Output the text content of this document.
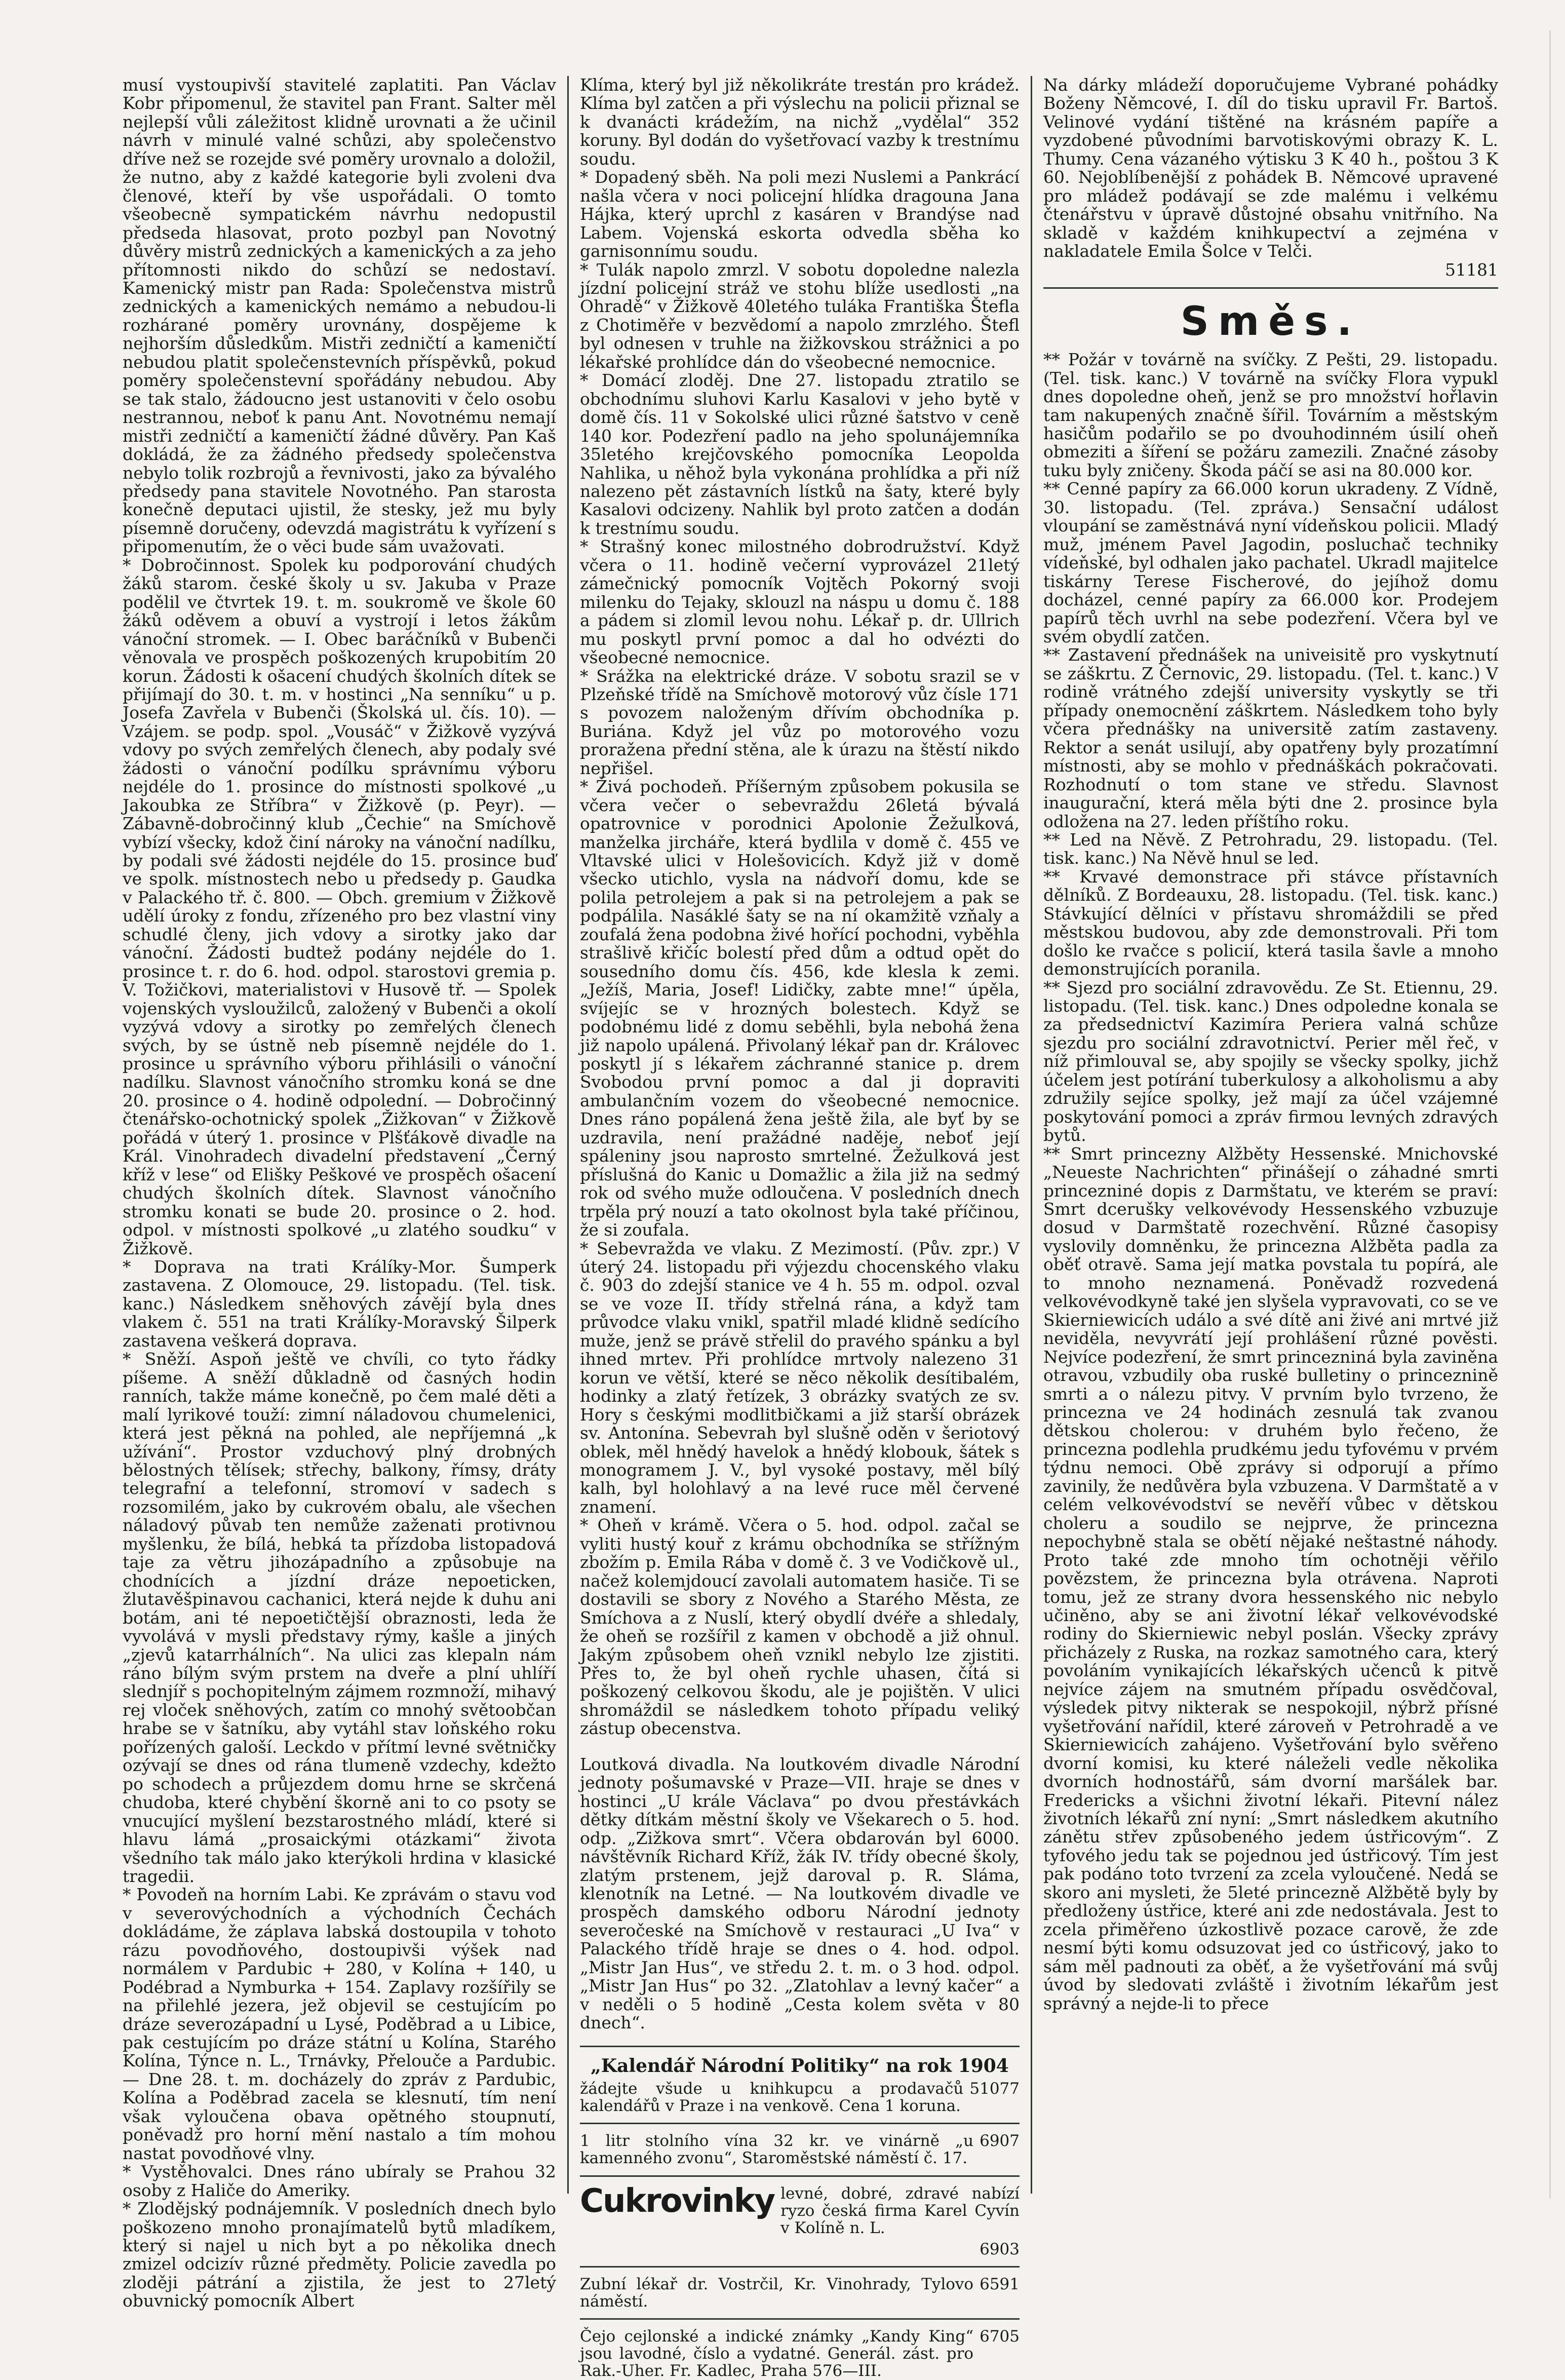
musí vystoupivší stavitelé zaplatiti. Pan Václav Kobr připomenul, že stavitel pan Frant. Salter měl nejlepší vůli záležitost klidně urovnati a že učinil návrh v minulé valné schůzi, aby společenstvo dříve než se rozejde své poměry urovnalo a doložil, že nutno, aby z každé kategorie byli zvoleni dva členové, kteří by vše uspořádali. O tomto všeobecně sympatickém návrhu nedopustil předseda hlasovat, proto pozbyl pan Novotný důvěry mistrů zednických a kamenických a za jeho přítomnosti nikdo do schůzí se nedostaví. Kamenický mistr pan Rada: Společenstva mistrů zednických a kamenických nemámo a nebudou-li rozhárané poměry urovnány, dospějeme k nejhorším důsledkům. Mistři zedničtí a kameničtí nebudou platit společenstevních příspěvků, pokud poměry společenstevní spořádány nebudou. Aby se tak stalo, žádoucno jest ustanoviti v čelo osobu nestrannou, neboť k panu Ant. Novotnému nemají mistři zedničtí a kameničtí žádné důvěry. Pan Kaš dokládá, že za žádného předsedy společenstva nebylo tolik rozbrojů a řevnivosti, jako za bývalého předsedy pana stavitele Novotného. Pan starosta konečně deputaci ujistil, že stesky, jež mu byly písemně doručeny, odevzdá magistrátu k vyřízení s připomenutím, že o věci bude sám uvažovati.

* Dobročinnost. Spolek ku podporování chudých žáků starom. české školy u sv. Jakuba v Praze podělil ve čtvrtek 19. t. m. soukromě ve škole 60 žáků oděvem a obuví a vystrojí i letos žákům vánoční stromek. — I. Obec baráčníků v Bubenči věnovala ve prospěch poškozených krupobitím 20 korun. Žádosti k ošacení chudých školních dítek se přijímají do 30. t. m. v hostinci „Na senníku“ u p. Josefa Zavřela v Bubenči (Školská ul. čís. 10). — Vzájem. se podp. spol. „Vousáč“ v Žižkově vyzývá vdovy po svých zemřelých členech, aby podaly své žádosti o vánoční podílku správnímu výboru nejdéle do 1. prosince do místnosti spolkové „u Jakoubka ze Stříbra“ v Žižkově (p. Peyr). — Zábavně-dobročinný klub „Čechie“ na Smíchově vybízí všecky, kdož činí nároky na vánoční nadílku, by podali své žádosti nejdéle do 15. prosince buď ve spolk. místnostech nebo u předsedy p. Gaudka v Palackého tř. č. 800. — Obch. gremium v Žižkově udělí úroky z fondu, zřízeného pro bez vlastní viny schudlé členy, jich vdovy a sirotky jako dar vánoční. Žádosti budtež podány nejdéle do 1. prosince t. r. do 6. hod. odpol. starostovi gremia p. V. Tožičkovi, materialistovi v Husově tř. — Spolek vojenských vysloužilců, založený v Bubenči a okolí vyzývá vdovy a sirotky po zemřelých členech svých, by se ústně neb písemně nejdéle do 1. prosince u správního výboru přihlásili o vánoční nadílku. Slavnost vánočního stromku koná se dne 20. prosince o 4. hodině odpolední. — Dobročinný čtenářsko-ochotnický spolek „Žižkovan“ v Žižkově pořádá v úterý 1. prosince v Plšťákově divadle na Král. Vinohradech divadelní představení „Černý kříž v lese“ od Elišky Peškové ve prospěch ošacení chudých školních dítek. Slavnost vánočního stromku konati se bude 20. prosince o 2. hod. odpol. v místnosti spolkové „u zlatého soudku“ v Žižkově.

* Doprava na trati Králíky-Mor. Šumperk zastavena. Z Olomouce, 29. listopadu. (Tel. tisk. kanc.) Následkem sněhových závějí byla dnes vlakem č. 551 na trati Králíky-Moravský Šilperk zastavena veškerá doprava.

* Sněží. Aspoň ještě ve chvíli, co tyto řádky píšeme. A sněží důkladně od časných hodin ranních, takže máme konečně, po čem malé děti a malí lyrikové touží: zimní náladovou chumelenici, která jest pěkná na pohled, ale nepříjemná „k užívání“. Prostor vzduchový plný drobných bělostných tělísek; střechy, balkony, římsy, dráty telegrafní a telefonní, stromoví v sadech s rozsomilém, jako by cukrovém obalu, ale všechen náladový půvab ten nemůže zaženati protivnou myšlenku, že bílá, hebká ta přízdoba listopadová taje za větru jihozápadního a způsobuje na chodnících a jízdní dráze nepoeticken, žlutavěšpinavou cachanici, která nejde k duhu ani botám, ani té nepoetičtější obraznosti, leda že vyvolává v mysli představy rýmy, kašle a jiných „zjevů katarrhálních“. Na ulici zas klepaln nám ráno bílým svým prstem na dveře a plní uhlíří slednjíř s pochopitelným zájmem rozmnoží, mihavý rej vloček sněhových, zatím co mnohý světoobčan hrabe se v šatníku, aby vytáhl stav loňského roku pořízených galoší. Leckdo v přítmí levné světničky ozývají se dnes od rána tlumeně vzdechy, kdežto po schodech a průjezdem domu hrne se skrčená chudoba, které chybění škorně ani to co psoty se vnucující myšlení bezstarostného mládí, které si hlavu lámá „prosaickými otázkami“ života všedního tak málo jako kterýkoli hrdina v klasické tragedii.

* Povodeň na horním Labi. Ke zprávám o stavu vod v severovýchodních a východních Čechách dokládáme, že záplava labská dostoupila v tohoto rázu povodňového, dostoupivši výšek nad normálem v Pardubic + 280, v Kolína + 140, u Podébrad a Nymburka + 154. Zaplavy rozšířily se na přilehlé jezera, jež objevil se cestujícím po dráze severozápadní u Lysé, Poděbrad a u Libice, pak cestujícím po dráze státní u Kolína, Starého Kolína, Týnce n. L., Trnávky, Přelouče a Pardubic. — Dne 28. t. m. docházely do zpráv z Pardubic, Kolína a Poděbrad zacela se klesnutí, tím není však vyloučena obava opětného stoupnutí, poněvadž pro horní mění nastalo a tím mohou nastat povodňové vlny.

* Vystěhovalci. Dnes ráno ubíraly se Prahou 32 osoby z Haliče do Ameriky.

* Zlodějský podnájemník. V posledních dnech bylo poškozeno mnoho pronajímatelů bytů mladíkem, který si najel u nich byt a po několika dnech zmizel odcizív různé předměty. Policie zavedla po zloději pátrání a zjistila, že jest to 27letý obuvnický pomocník Albert

Klíma, který byl již několikráte trestán pro krádež. Klíma byl zatčen a při výslechu na policii přiznal se k dvanácti krádežím, na nichž „vydělal“ 352 koruny. Byl dodán do vyšetřovací vazby k trestnímu soudu.

* Dopadený sběh. Na poli mezi Nuslemi a Pankrácí našla včera v noci policejní hlídka dragouna Jana Hájka, který uprchl z kasáren v Brandýse nad Labem. Vojenská eskorta odvedla sběha ko garnisonnímu soudu.

* Tulák napolo zmrzl. V sobotu dopoledne nalezla jízdní policejní stráž ve stohu blíže usedlosti „na Ohradě“ v Žižkově 40letého tuláka Františka Štefla z Chotiměře v bezvědomí a napolo zmrzlého. Štefl byl odnesen v truhle na žižkovskou strážnici a po lékařské prohlídce dán do všeobecné nemocnice.

* Domácí zloděj. Dne 27. listopadu ztratilo se obchodnímu sluhovi Karlu Kasalovi v jeho bytě v domě čís. 11 v Sokolské ulici různé šatstvo v ceně 140 kor. Podezření padlo na jeho spolunájemníka 35letého krejčovského pomocníka Leopolda Nahlika, u něhož byla vykonána prohlídka a při níž nalezeno pět zástavních lístků na šaty, které byly Kasalovi odcizeny. Nahlik byl proto zatčen a dodán k trestnímu soudu.

* Strašný konec milostného dobrodružství. Když včera o 11. hodině večerní vyprovázel 21letý zámečnický pomocník Vojtěch Pokorný svoji milenku do Tejaky, sklouzl na náspu u domu č. 188 a pádem si zlomil levou nohu. Lékař p. dr. Ullrich mu poskytl první pomoc a dal ho odvézti do všeobecné nemocnice.

* Srážka na elektrické dráze. V sobotu srazil se v Plzeňské třídě na Smíchově motorový vůz čísle 171 s povozem naloženým dřívím obchodníka p. Buriána. Když jel vůz po motorového vozu proražena přední stěna, ale k úrazu na štěstí nikdo nepřišel.

* Živá pochodeň. Příšerným způsobem pokusila se včera večer o sebevraždu 26letá bývalá opatrovnice v porodnici Apolonie Žežulková, manželka jircháře, která bydlila v domě č. 455 ve Vltavské ulici v Holešovicích. Když již v domě všecko utichlo, vysla na nádvoří domu, kde se polila petrolejem a pak si na petrolejem a pak se podpálila. Nasáklé šaty se na ní okamžitě vzňaly a zoufalá žena podobna živé hořící pochodni, vyběhla strašlivě křičíc bolestí před dům a odtud opět do sousedního domu čís. 456, kde klesla k zemi. „Ježíš, Maria, Josef! Lidičky, zabte mne!“ úpěla, svíjejíc se v hrozných bolestech. Když se podobnému lidé z domu seběhli, byla nebohá žena již napolo upálená. Přivolaný lékař pan dr. Královec poskytl jí s lékařem záchranné stanice p. drem Svobodou první pomoc a dal ji dopraviti ambulančním vozem do všeobecné nemocnice. Dnes ráno popálená žena ještě žila, ale byť by se uzdravila, není pražádné naděje, neboť její spáleniny jsou naprosto smrtelné. Žežulková jest příslušná do Kanic u Domažlic a žila již na sedmý rok od svého muže odloučena. V posledních dnech trpěla prý nouzí a tato okolnost byla také příčinou, že si zoufala.

* Sebevražda ve vlaku. Z Mezimostí. (Pův. zpr.) V úterý 24. listopadu při výjezdu chocenského vlaku č. 903 do zdejší stanice ve 4 h. 55 m. odpol. ozval se ve voze II. třídy střelná rána, a když tam průvodce vlaku vnikl, spatřil mladé klidně sedícího muže, jenž se právě střelil do pravého spánku a byl ihned mrtev. Při prohlídce mrtvoly nalezeno 31 korun ve větší, které se něco několik desítibalém, hodinky a zlatý řetízek, 3 obrázky svatých ze sv. Hory s českými modlitbičkami a již starší obrázek sv. Antonína. Sebevrah byl slušně oděn v šeriotový oblek, měl hnědý havelok a hnědý klobouk, šátek s monogramem J. V., byl vysoké postavy, měl bílý kalh, byl holohlavý a na levé ruce měl červené znamení.

* Oheň v krámě. Včera o 5. hod. odpol. začal se vyliti hustý kouř z krámu obchodníka se střížným zbožím p. Emila Rába v domě č. 3 ve Vodičkově ul., načež kolemjdoucí zavolali automatem hasiče. Ti se dostavili se sbory z Nového a Starého Města, ze Smíchova a z Nuslí, který obydlí dvéře a shledaly, že oheň se rozšířil z kamen v obchodě a již ohnul. Jakým způsobem oheň vznikl nebylo lze zjistiti. Přes to, že byl oheň rychle uhasen, čítá si poškozený celkovou škodu, ale je pojištěn. V ulici shromáždil se následkem tohoto případu veliký zástup obecenstva.

Loutková divadla. Na loutkovém divadle Národní jednoty pošumavské v Praze—VII. hraje se dnes v hostinci „U krále Václava“ po dvou přestávkách dětky dítkám městní školy ve Všekarech o 5. hod. odp. „Zižkova smrt“. Včera obdarován byl 6000. návštěvník Richard Kříž, žák IV. třídy obecné školy, zlatým prstenem, jejž daroval p. R. Sláma, klenotník na Letné. — Na loutkovém divadle ve prospěch damského odboru Národní jednoty severočeské na Smíchově v restauraci „U Iva“ v Palackého třídě hraje se dnes o 4. hod. odpol. „Mistr Jan Hus“, ve středu 2. t. m. o 3 hod. odpol. „Mistr Jan Hus“ po 32. „Zlatohlav a levný kačer“ a v neděli o 5 hodině „Cesta kolem světa v 80 dnech“.

„Kalendář Národní Politiky“ na rok 1904
žádejte všude u knihkupcu a prodavačů kalendářů v Praze i na venkově. Cena 1 koruna.
51077
1 litr stolního vína 32 kr. ve vinárně „u kamenného zvonu“, Staroměstské náměstí č. 17.
6907
Cukrovinky levné, dobré, zdravé nabízí ryzo česká firma Karel Cyvín v Kolíně n. L.
6903
Zubní lékař dr. Vostrčil, Kr. Vinohrady, Tylovo náměstí.
6591
Čejo cejlonské a indické známky „Kandy King“ jsou lavodné, číslo a vydatné. Generál. zást. pro Rak.-Uher. Fr. Kadlec, Praha 576—III.
6705

Na dárky mládeží doporučujeme Vybrané pohádky Boženy Němcové, I. díl do tisku upravil Fr. Bartoš. Velinové vydání tištěné na krásném papíře a vyzdobené původními barvotiskovými obrazy K. L. Thumy. Cena vázaného výtisku 3 K 40 h., poštou 3 K 60. Nejoblíbenější z pohádek B. Němcové upravené pro mládež podávají se zde malému i velkému čtenářstvu v úpravě důstojné obsahu vnitřního. Na skladě v každém knihkupectví a zejména v nakladatele Emila Šolce v Telči.

51181
Směs.

** Požár v továrně na svíčky. Z Pešti, 29. listopadu. (Tel. tisk. kanc.) V továrně na svíčky Flora vypukl dnes dopoledne oheň, jenž se pro množství hořlavin tam nakupených značně šířil. Továrním a městským hasičům podařilo se po dvouhodinném úsilí oheň obmeziti a šíření se požáru zamezili. Značné zásoby tuku byly zničeny. Škoda páčí se asi na 80.000 kor.

** Cenné papíry za 66.000 korun ukradeny. Z Vídně, 30. listopadu. (Tel. zpráva.) Sensační událost vloupání se zaměstnává nyní vídeňskou policii. Mladý muž, jménem Pavel Jagodin, posluchač techniky vídeňské, byl odhalen jako pachatel. Ukradl majitelce tiskárny Terese Fischerové, do jejíhož domu docházel, cenné papíry za 66.000 kor. Prodejem papírů těch uvrhl na sebe podezření. Včera byl ve svém obydlí zatčen.

** Zastavení přednášek na univeisitě pro vyskytnutí se záškrtu. Z Černovic, 29. listopadu. (Tel. t. kanc.) V rodině vrátného zdejší university vyskytly se tři případy onemocnění záškrtem. Následkem toho byly včera přednášky na universitě zatím zastaveny. Rektor a senát usilují, aby opatřeny byly prozatímní místnosti, aby se mohlo v přednáškách pokračovati. Rozhodnutí o tom stane ve středu. Slavnost inaugurační, která měla býti dne 2. prosince byla odložena na 27. leden příštího roku.

** Led na Něvě. Z Petrohradu, 29. listopadu. (Tel. tisk. kanc.) Na Něvě hnul se led.

** Krvavé demonstrace při stávce přístavních dělníků. Z Bordeauxu, 28. listopadu. (Tel. tisk. kanc.) Stávkující dělníci v přístavu shromáždili se před městskou budovou, aby zde demonstrovali. Při tom došlo ke rvačce s policií, která tasila šavle a mnoho demonstrujících poranila.

** Sjezd pro sociální zdravovědu. Ze St. Etiennu, 29. listopadu. (Tel. tisk. kanc.) Dnes odpoledne konala se za předsednictví Kazimíra Periera valná schůze sjezdu pro sociální zdravotnictví. Perier měl řeč, v níž přimlouval se, aby spojily se všecky spolky, jichž účelem jest potírání tuberkulosy a alkoholismu a aby združily sejíce spolky, jež mají za účel vzájemné poskytování pomoci a zpráv firmou levných zdravých bytů.

** Smrt princezny Alžběty Hessenské. Mnichovské „Neueste Nachrichten“ přinášejí o záhadné smrti princezniné dopis z Darmštatu, ve kterém se praví: Smrt dcerušky velkovévody Hessenského vzbuzuje dosud v Darmštatě rozechvění. Různé časopisy vyslovily domněnku, že princezna Alžběta padla za oběť otravě. Sama její matka povstala tu popírá, ale to mnoho neznamená. Poněvadž rozvedená velkovévodkyně také jen slyšela vypravovati, co se ve Skierniewicích událo a své dítě ani živé ani mrtvé již neviděla, nevyvrátí její prohlášení různé pověsti. Nejvíce podezření, že smrt princezniná byla zaviněna otravou, vzbudily oba ruské bulletiny o princeznině smrti a o nálezu pitvy. V prvním bylo tvrzeno, že princezna ve 24 hodinách zesnulá tak zvanou dětskou cholerou: v druhém bylo řečeno, že princezna podlehla prudkému jedu tyfovému v prvém týdnu nemoci. Obě zprávy si odporují a přímo zavinily, že nedůvěra byla vzbuzena. V Darmštatě a v celém velkovévodství se nevěří vůbec v dětskou choleru a soudilo se nejprve, že princezna nepochybně stala se obětí nějaké neštastné náhody. Proto také zde mnoho tím ochotněji věřilo povězstem, že princezna byla otrávena. Naproti tomu, jež ze strany dvora hessenského nic nebylo učiněno, aby se ani životní lékař velkovévodské rodiny do Skierniewic nebyl poslán. Všecky zprávy přicházely z Ruska, na rozkaz samotného cara, který povoláním vynikajících lékařských učenců k pitvě nejvíce zájem na smutném případu osvědčoval, výsledek pitvy nikterak se nespokojil, nýbrž přísné vyšetřování nařídil, které zároveň v Petrohradě a ve Skierniewicích zahájeno. Vyšetřování bylo svěřeno dvorní komisi, ku které náleželi vedle několika dvorních hodnostářů, sám dvorní maršálek bar. Fredericks a všichni životní lékaři. Pitevní nález životních lékařů zní nyní: „Smrt následkem akutního zánětu střev způsobeného jedem ústřicovým“. Z tyfového jedu tak se pojednou jed ústřicový. Tím jest pak podáno toto tvrzení za zcela vyloučené. Nedá se skoro ani mysleti, že 5leté princezně Alžbětě byly by předloženy ústřice, které ani zde nedostávala. Jest to zcela přiměřeno úzkostlivě pozace carově, že zde nesmí býti komu odsuzovat jed co ústřicový, jako to sám měl padnouti za oběť, a že vyšetřování má svůj úvod by sledovati zvláště i životním lékařům jest správný a nejde-li to přece
